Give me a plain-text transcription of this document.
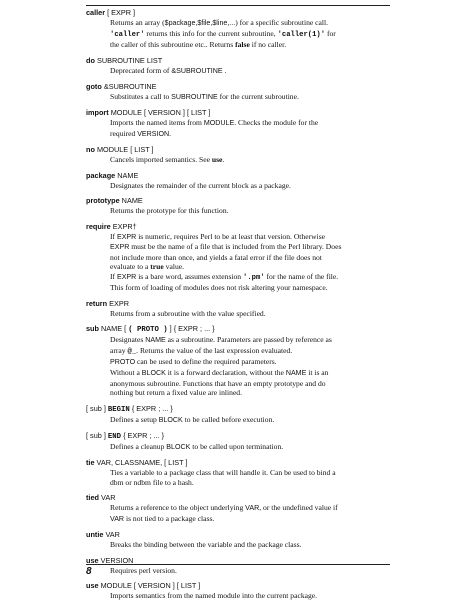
caller [ EXPR ]

Returns an array ($package,$file,$line,...) for a specific subroutine call.

'caller' returns this info for the current subroutine, 'caller(1)' for

the caller of this subroutine etc.. Returns false if no caller.

do SUBROUTINE LIST

Deprecated form of &SUBROUTINE .

goto &SUBROUTINE

Substitutes a call to SUBROUTINE for the current subroutine.

import MODULE [ VERSION ] [ LIST ]

Imports the named items from MODULE. Checks the module for the

required VERSION.

no MODULE [ LIST ]

Cancels imported semantics. See use.

package NAME

Designates the remainder of the current block as a package.

prototype NAME

Returns the prototype for this function.

require EXPR†

If EXPR is numeric, requires Perl to be at least that version. Otherwise

EXPR must be the name of a file that is included from the Perl library. Does

not include more than once, and yields a fatal error if the file does not

evaluate to a true value.

If EXPR is a bare word, assumes extension '.pm' for the name of the file.

This form of loading of modules does not risk altering your namespace.

return EXPR

Returns from a subroutine with the value specified.

sub NAME [ ( PROTO ) ] { EXPR ; ... }

Designates NAME as a subroutine. Parameters are passed by reference as

array @_. Returns the value of the last expression evaluated.

PROTO can be used to define the required parameters.

Without a BLOCK it is a forward declaration, without the NAME it is an

anonymous subroutine. Functions that have an empty prototype and do

nothing but return a fixed value are inlined.

[ sub ] BEGIN { EXPR ; ... }

Defines a setup BLOCK to be called before execution.

[ sub ] END { EXPR ; ... }

Defines a cleanup BLOCK to be called upon termination.

tie VAR, CLASSNAME, [ LIST ]

Ties a variable to a package class that will handle it. Can be used to bind a

dbm or ndbm file to a hash.

tied VAR

Returns a reference to the object underlying VAR, or the undefined value if

VAR is not tied to a package class.

untie VAR

Breaks the binding between the variable and the package class.

use VERSION

Requires perl version.

use MODULE [ VERSION ] [ LIST ]

Imports semantics from the named module into the current package.

8
